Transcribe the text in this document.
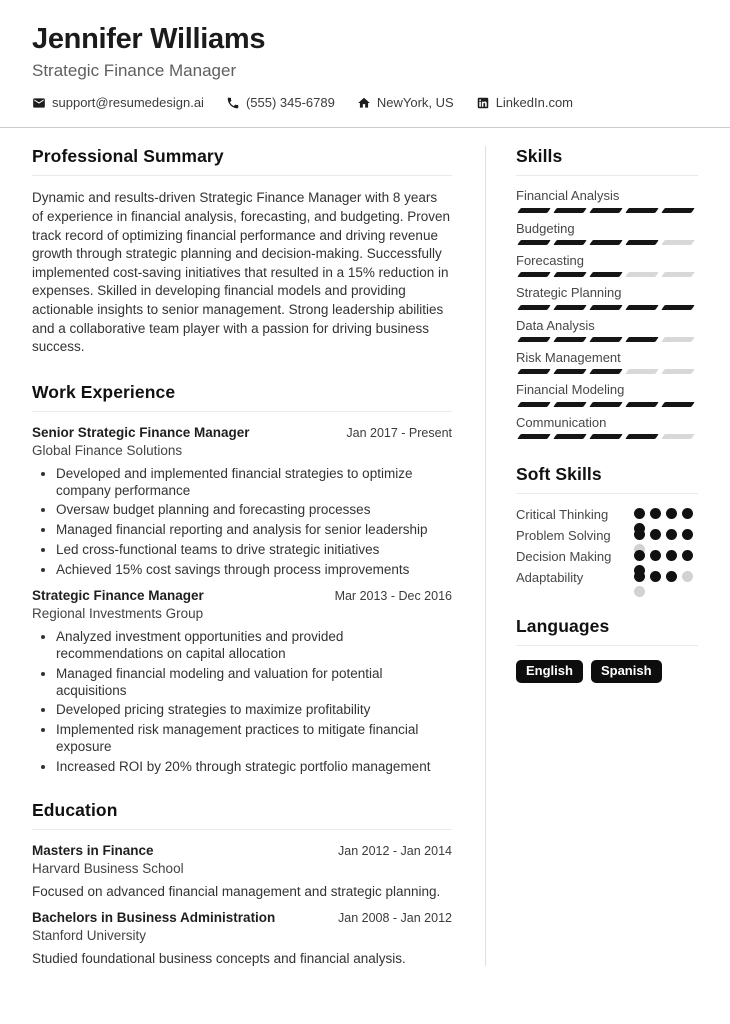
Jennifer Williams
Strategic Finance Manager
support@resumedesign.ai	(555) 345-6789	NewYork, US	LinkedIn.com
Professional Summary

Dynamic and results-driven Strategic Finance Manager with 8 years of experience in financial analysis, forecasting, and budgeting. Proven track record of optimizing financial performance and driving revenue growth through strategic planning and decision-making. Successfully implemented cost-saving initiatives that resulted in a 15% reduction in expenses. Skilled in developing financial models and providing actionable insights to senior management. Strong leadership abilities and a collaborative team player with a passion for driving business success.

Work Experience
Senior Strategic Finance Manager	Jan 2017 - Present
Global Finance Solutions
• Developed and implemented financial strategies to optimize company performance
• Oversaw budget planning and forecasting processes
• Managed financial reporting and analysis for senior leadership
• Led cross-functional teams to drive strategic initiatives
• Achieved 15% cost savings through process improvements
Strategic Finance Manager	Mar 2013 - Dec 2016
Regional Investments Group
• Analyzed investment opportunities and provided recommendations on capital allocation
• Managed financial modeling and valuation for potential acquisitions
• Developed pricing strategies to maximize profitability
• Implemented risk management practices to mitigate financial exposure
• Increased ROI by 20% through strategic portfolio management
Education
Masters in Finance	Jan 2012 - Jan 2014
Harvard Business School
Focused on advanced financial management and strategic planning.
Bachelors in Business Administration	Jan 2008 - Jan 2012
Stanford University
Studied foundational business concepts and financial analysis.
Skills
Financial Analysis
Budgeting
Forecasting
Strategic Planning
Data Analysis
Risk Management
Financial Modeling
Communication
Soft Skills
Critical Thinking
Problem Solving
Decision Making
Adaptability
Languages
English	Spanish
